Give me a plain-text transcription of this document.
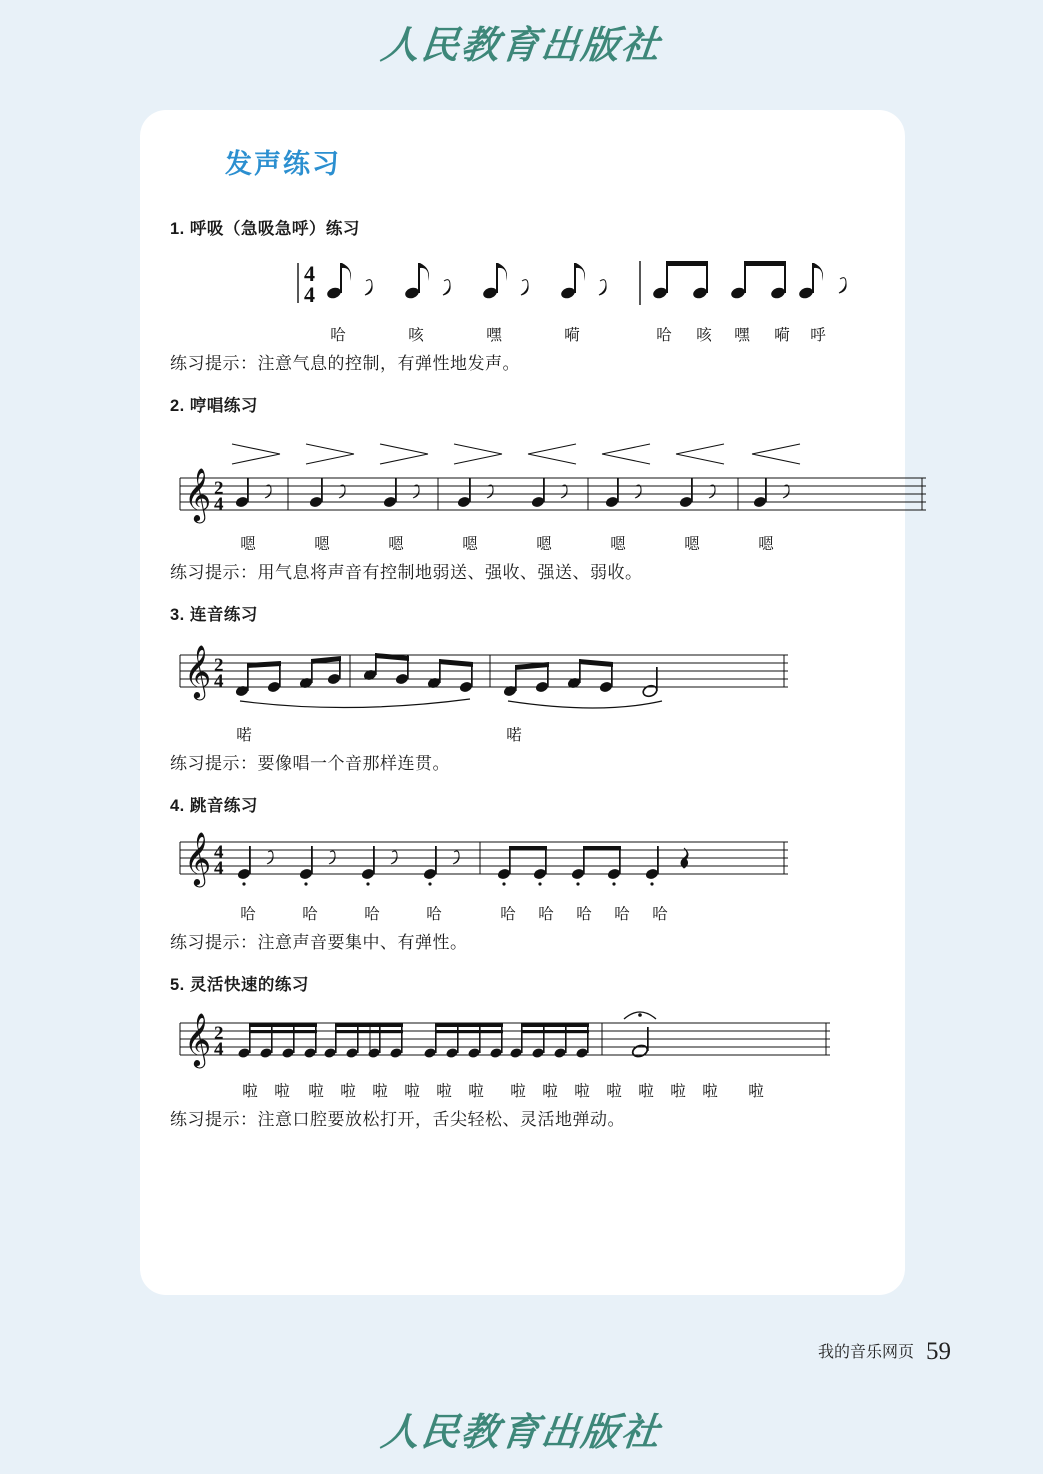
人民教育出版社
发声练习
1. 呼吸（急吸急呼）练习
4
4
哈	咳	嘿	嗬	哈 咳 嘿 嗬 呼
练习提示：注意气息的控制，有弹性地发声。
2. 哼唱练习
𝄞 2
4
嗯	嗯	嗯	嗯	嗯	嗯	嗯	嗯
练习提示：用气息将声音有控制地弱送、强收、强送、弱收。
3. 连音练习
𝄞 2
4
喏	喏
练习提示：要像唱一个音那样连贯。
4. 跳音练习
𝄞 4
4
哈	哈	哈	哈	哈 哈 哈 哈 哈
练习提示：注意声音要集中、有弹性。
5. 灵活快速的练习
𝄞 2
4
啦 啦 啦 啦 啦 啦 啦 啦 啦 啦 啦 啦 啦 啦 啦 啦
练习提示：注意口腔要放松打开，舌尖轻松、灵活地弹动。
我的音乐网页 59
人民教育出版社
